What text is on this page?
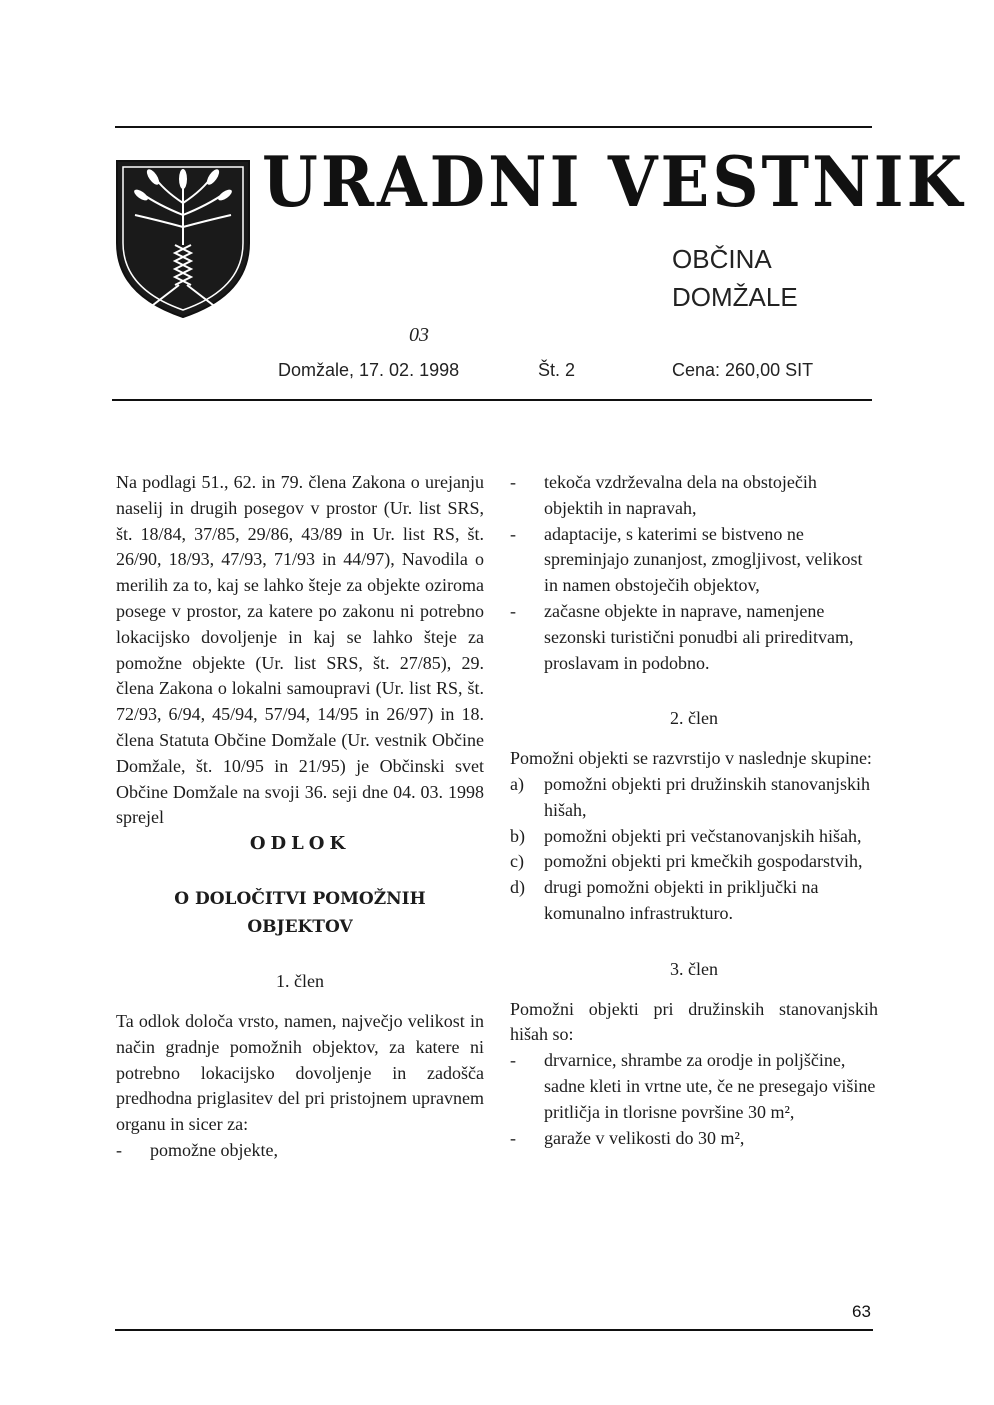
URADNI VESTNIK
OBČINA
DOMŽALE
03
Domžale, 17. 02. 1998	Št. 2	Cena: 260,00 SIT

Na podlagi 51., 62. in 79. člena Zakona o urejanju naselij in drugih posegov v prostor (Ur. list SRS, št. 18/84, 37/85, 29/86, 43/89 in Ur. list RS, št. 26/90, 18/93, 47/93, 71/93 in 44/97), Navodila o merilih za to, kaj se lahko šteje za objekte oziroma posege v prostor, za katere po zakonu ni potrebno lokacijsko dovoljenje in kaj se lahko šteje za pomožne objekte (Ur. list SRS, št. 27/85), 29. člena Zakona o lokalni samoupravi (Ur. list RS, št. 72/93, 6/94, 45/94, 57/94, 14/95 in 26/97) in 18. člena Statuta Občine Domžale (Ur. vestnik Občine Domžale, št. 10/95 in 21/95) je Občinski svet Občine Domžale na svoji 36. seji dne 04. 03. 1998 sprejel

ODLOK

O DOLOČITVI POMOŽNIH
OBJEKTOV

1. člen

Ta odlok določa vrsto, namen, največjo velikost in način gradnje pomožnih objektov, za katere ni potrebno lokacijsko dovoljenje in zadošča predhodna priglasitev del pri pristojnem upravnem organu in sicer za:

- pomožne objekte,
- tekoča vzdrževalna dela na obstoječih objektih in napravah,
- adaptacije, s katerimi se bistveno ne spreminjajo zunanjost, zmogljivost, velikost in namen obstoječih objektov,
- začasne objekte in naprave, namenjene sezonski turistični ponudbi ali prireditvam, proslavam in podobno.

2. člen

Pomožni objekti se razvrstijo v naslednje skupine:

a) pomožni objekti pri družinskih stanovanjskih hišah,
b) pomožni objekti pri večstanovanjskih hišah,
c) pomožni objekti pri kmečkih gospodarstvih,
d) drugi pomožni objekti in priključki na komunalno infrastrukturo.

3. člen

Pomožni objekti pri družinskih stanovanjskih hišah so:

- drvarnice, shrambe za orodje in poljščine, sadne kleti in vrtne ute, če ne presegajo višine pritličja in tlorisne površine 30 m²,
- garaže v velikosti do 30 m²,
63
